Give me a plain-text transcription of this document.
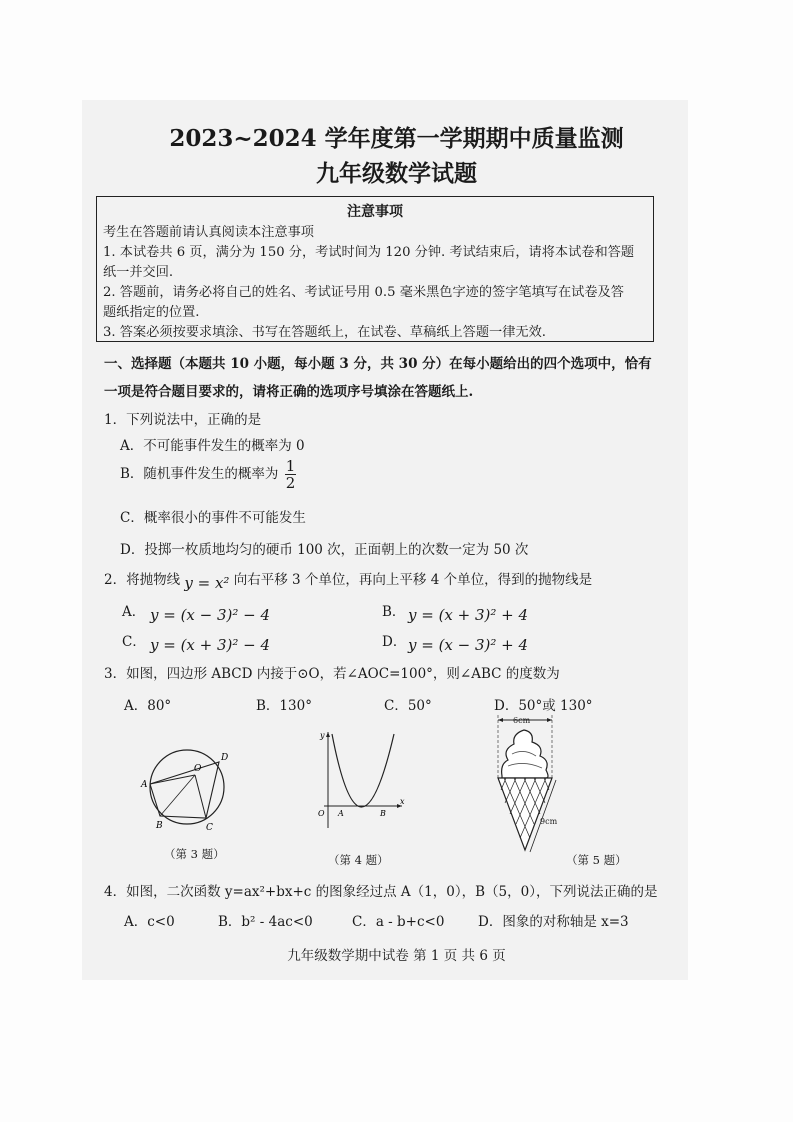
2023~2024 学年度第一学期期中质量监测
九年级数学试题
注意事项
考生在答题前请认真阅读本注意事项
1. 本试卷共 6 页，满分为 150 分，考试时间为 120 分钟. 考试结束后，请将本试卷和答题
纸一并交回.
2. 答题前，请务必将自己的姓名、考试证号用 0.5 毫米黑色字迹的签字笔填写在试卷及答
题纸指定的位置.
3. 答案必须按要求填涂、书写在答题纸上，在试卷、草稿纸上答题一律无效.
一、选择题（本题共 10 小题，每小题 3 分，共 30 分）在每小题给出的四个选项中，恰有
一项是符合题目要求的，请将正确的选项序号填涂在答题纸上.
1．下列说法中，正确的是
A．不可能事件发生的概率为 0
B．随机事件发生的概率为 $\frac{1}{2}$
C．概率很小的事件不可能发生
D．投掷一枚质地均匀的硬币 100 次，正面朝上的次数一定为 50 次
2．将抛物线 y = x² 向右平移 3 个单位，再向上平移 4 个单位，得到的抛物线是
A． y = (x − 3)² − 4	B． y = (x + 3)² + 4
C． y = (x + 3)² − 4	D． y = (x − 3)² + 4
3．如图，四边形 ABCD 内接于⊙O，若∠AOC=100°，则∠ABC 的度数为
A．80°	B．130°	C．50°	D．50°或 130°
A
B	C
D
O
（第 3 题）
y
x
O A	B
（第 4 题）
6cm
9cm
（第 5 题）
4．如图，二次函数 y=ax²+bx+c 的图象经过点 A（1，0），B（5，0），下列说法正确的是
A．c<0	B．b² - 4ac<0	C．a - b+c<0 D．图象的对称轴是 x=3
九年级数学期中试卷 第 1 页 共 6 页
